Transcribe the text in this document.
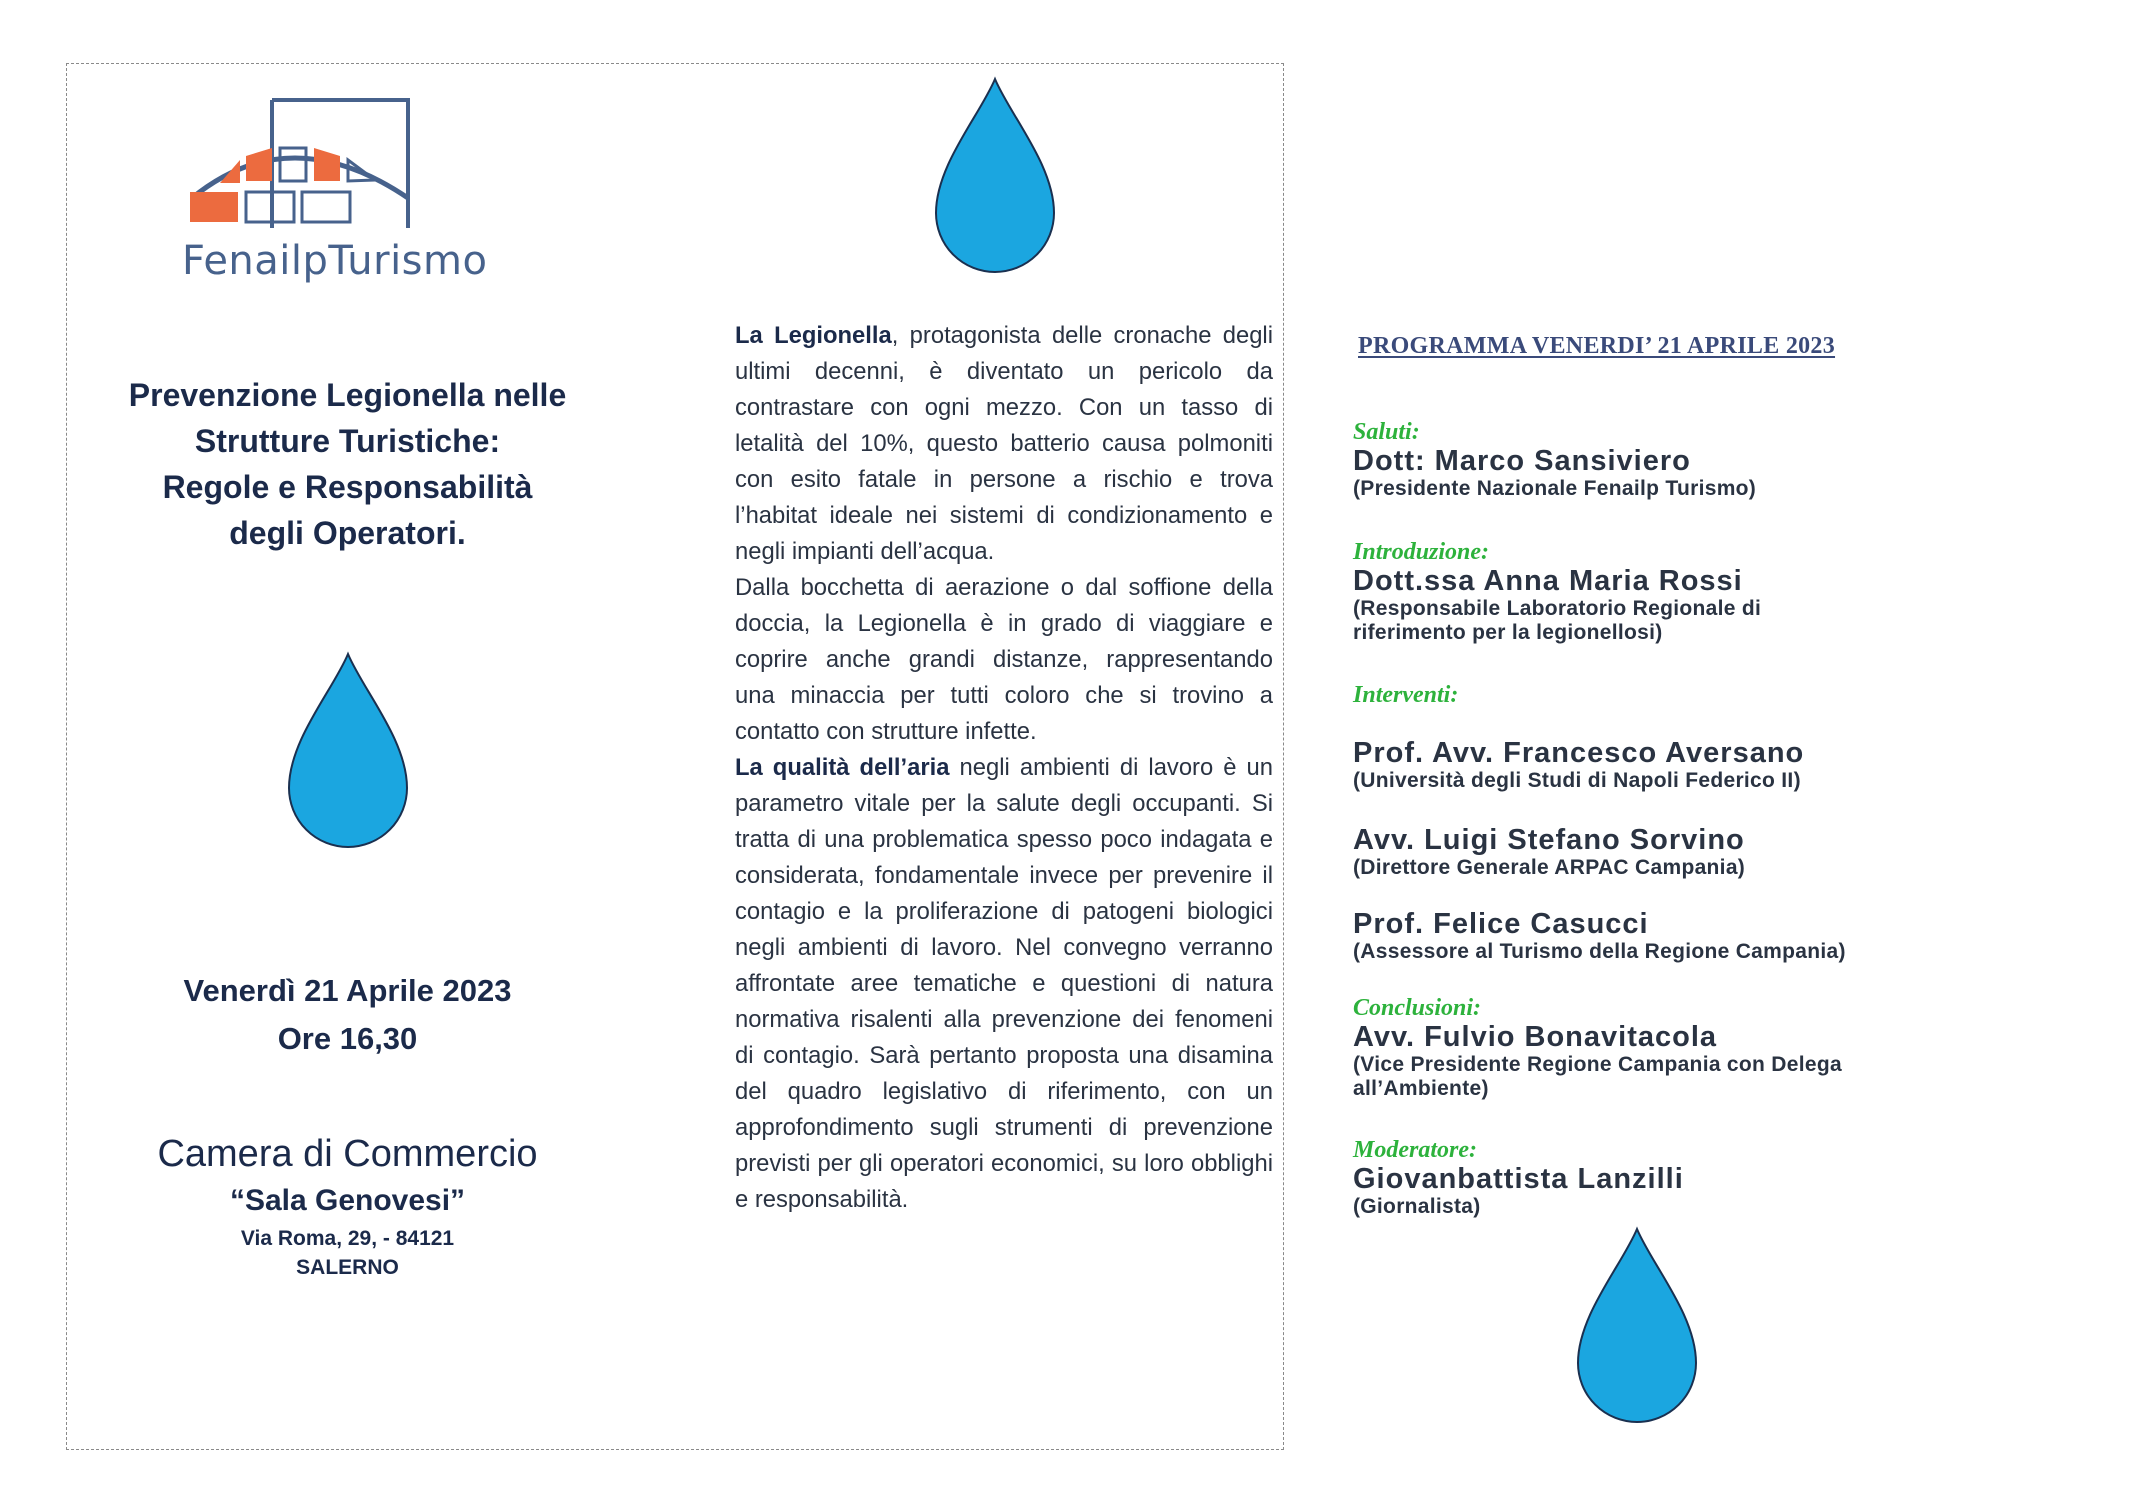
FenailpTurismo
Prevenzione Legionella nelle
Strutture Turistiche:
Regole e Responsabilità
degli Operatori.
Venerdì 21 Aprile 2023
Ore 16,30
Camera di Commercio
“Sala Genovesi”
Via Roma, 29, - 84121
SALERNO

La Legionella, protagonista delle cronache degli ultimi decenni, è diventato un pericolo da contrastare con ogni mezzo. Con un tasso di letalità del 10%, questo batterio causa polmoniti con esito fatale in persone a rischio e trova l’habitat ideale nei sistemi di condizionamento e negli impianti dell’acqua.

Dalla bocchetta di aerazione o dal soffione della doccia, la Legionella è in grado di viaggiare e coprire anche grandi distanze, rappresentando una minaccia per tutti coloro che si trovino a contatto con strutture infette.

La qualità dell’aria negli ambienti di lavoro è un parametro vitale per la salute degli occupanti. Si tratta di una problematica spesso poco indagata e considerata, fondamentale invece per prevenire il contagio e la proliferazione di patogeni biologici negli ambienti di lavoro. Nel convegno verranno affrontate aree tematiche e questioni di natura normativa risalenti alla prevenzione dei fenomeni di contagio. Sarà pertanto proposta una disamina del quadro legislativo di riferimento, con un approfondimento sugli strumenti di prevenzione previsti per gli operatori economici, su loro obblighi e responsabilità.

PROGRAMMA VENERDI’ 21 APRILE 2023
Saluti:
Dott: Marco Sansiviero
(Presidente Nazionale Fenailp Turismo)
Introduzione:
Dott.ssa Anna Maria Rossi
(Responsabile Laboratorio Regionale di
riferimento per la legionellosi)
Interventi:
Prof. Avv. Francesco Aversano
(Università degli Studi di Napoli Federico II)
Avv. Luigi Stefano Sorvino
(Direttore Generale ARPAC Campania)
Prof. Felice Casucci
(Assessore al Turismo della Regione Campania)
Conclusioni:
Avv. Fulvio Bonavitacola
(Vice Presidente Regione Campania con Delega
all’Ambiente)
Moderatore:
Giovanbattista Lanzilli
(Giornalista)
